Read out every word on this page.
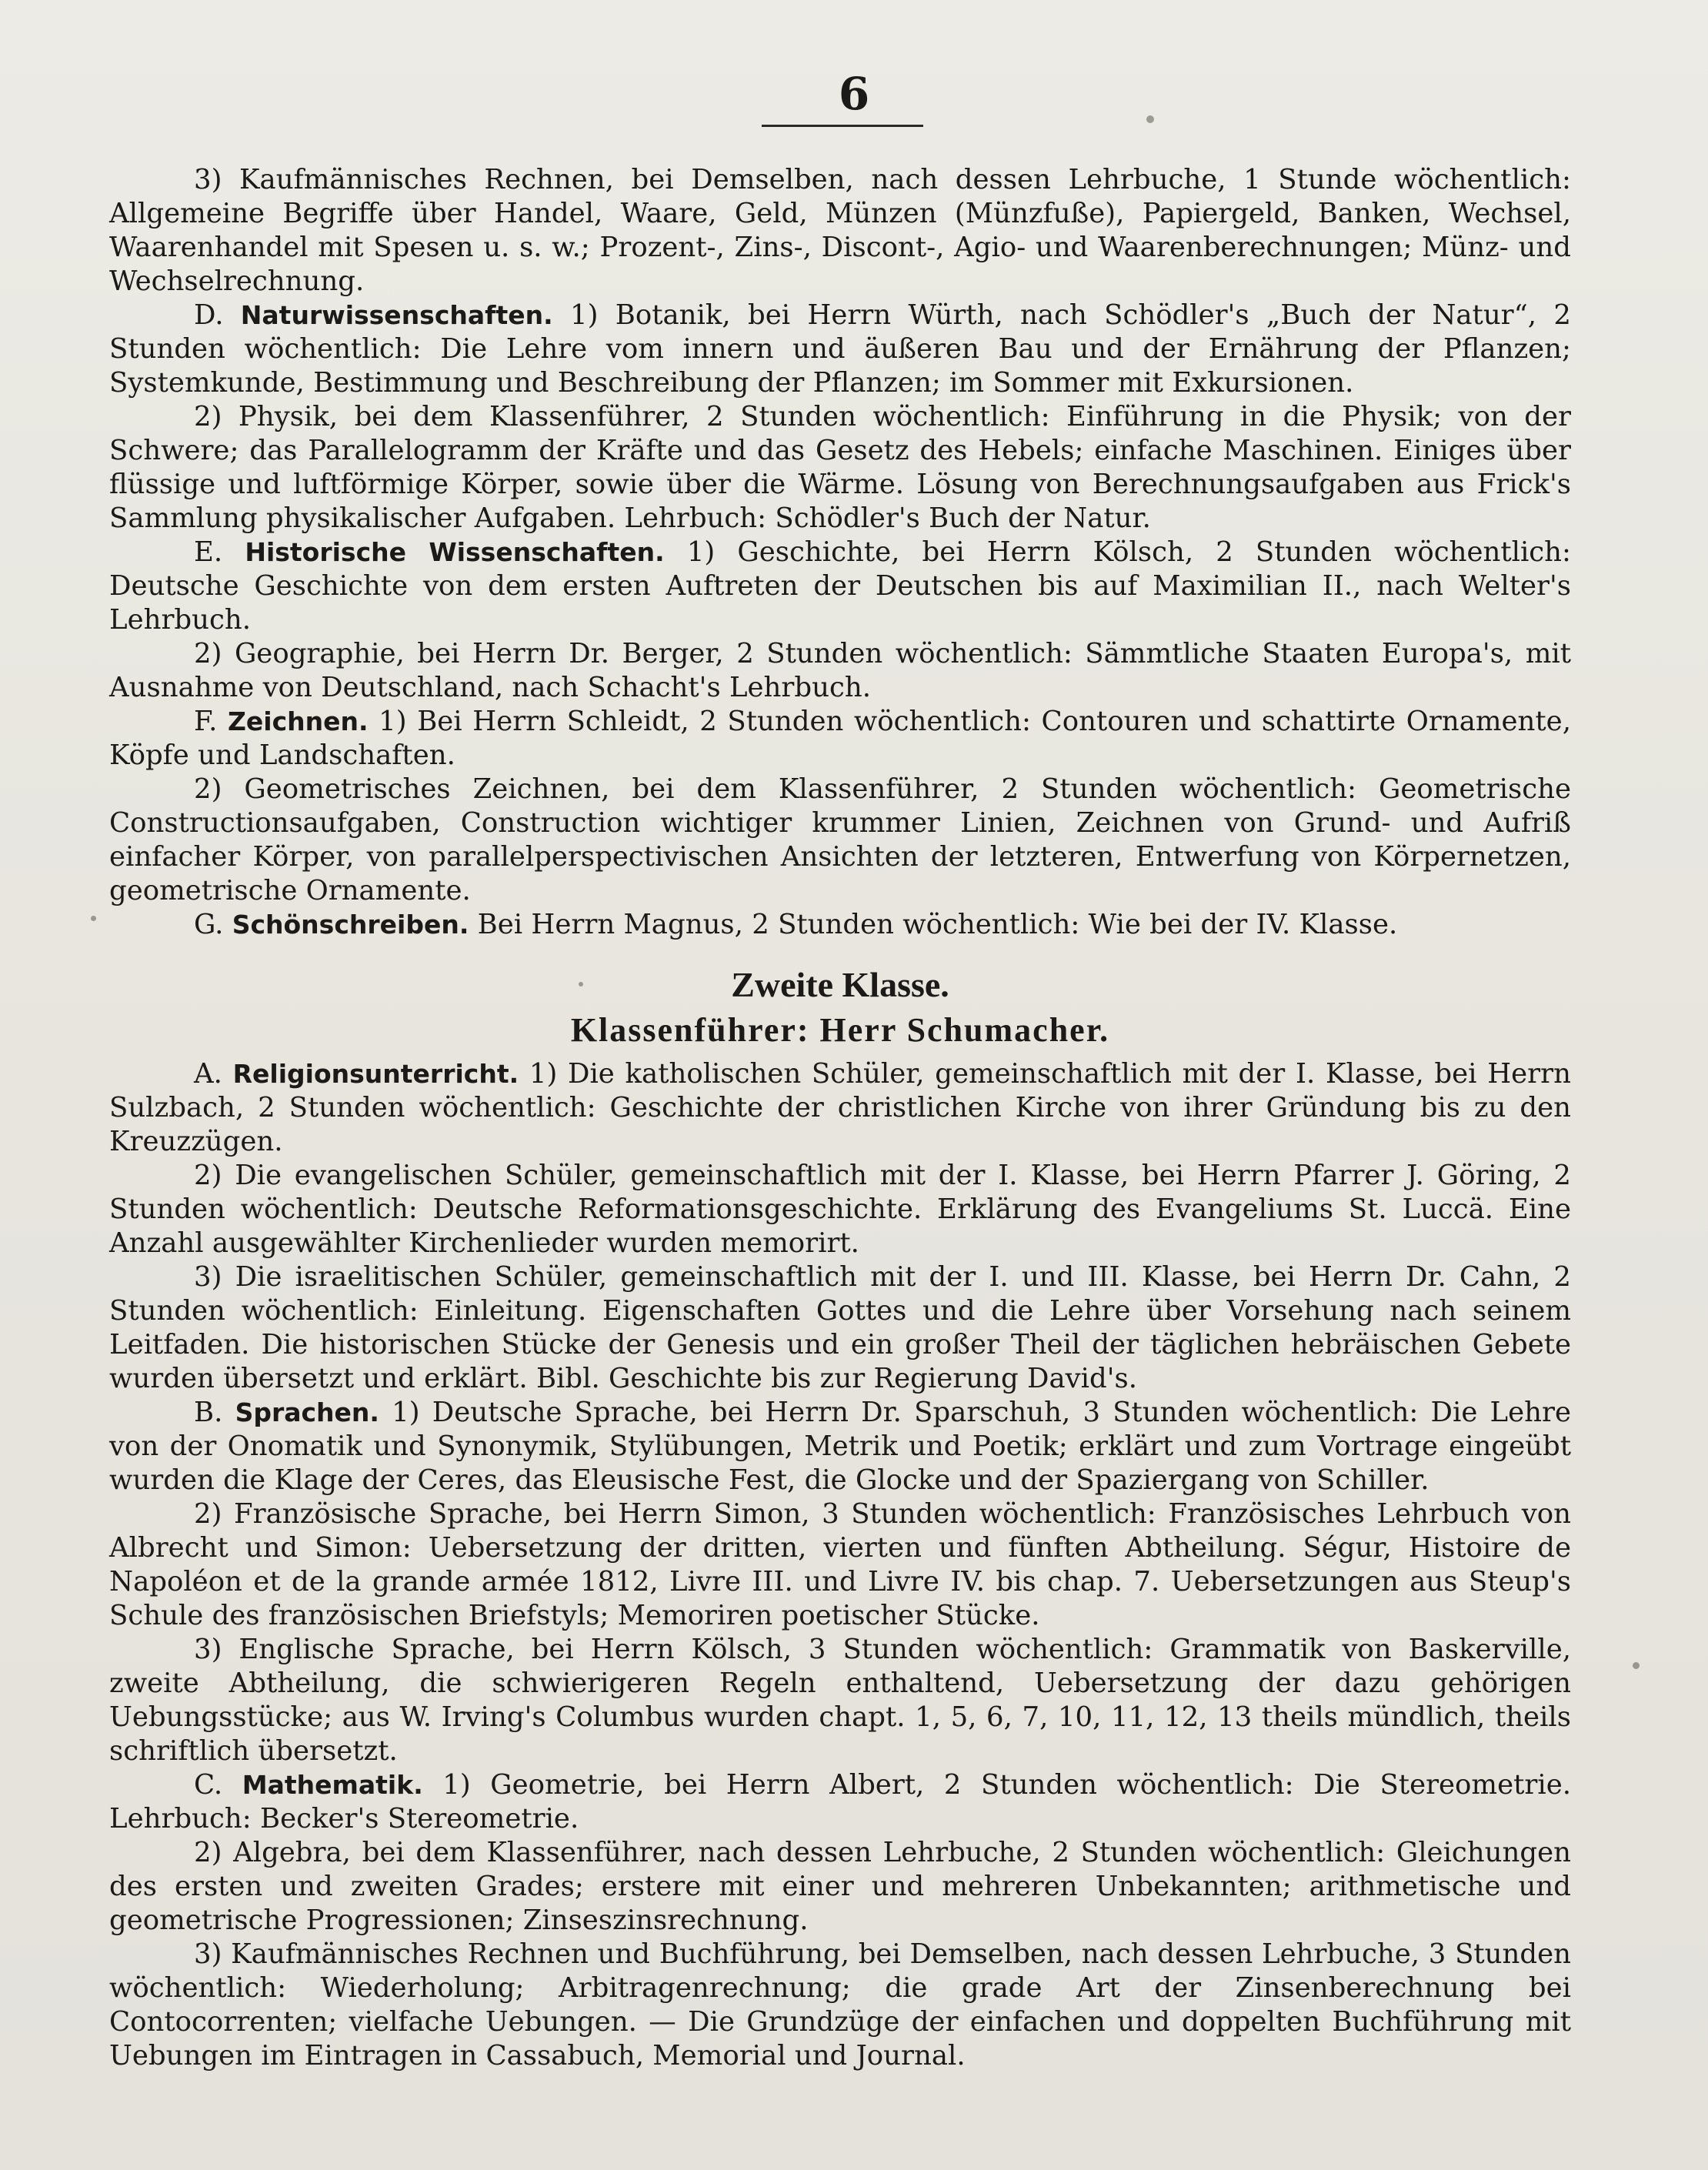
6

3) Kaufmännisches Rechnen, bei Demselben, nach dessen Lehrbuche, 1 Stunde wöchentlich: Allgemeine Begriffe über Handel, Waare, Geld, Münzen (Münzfuße), Papiergeld, Banken, Wechsel, Waarenhandel mit Spesen u. s. w.; Prozent-, Zins-, Discont-, Agio- und Waarenberechnungen; Münz- und Wechselrechnung.

D. Naturwissenschaften. 1) Botanik, bei Herrn Würth, nach Schödler's „Buch der Natur“, 2 Stunden wöchentlich: Die Lehre vom innern und äußeren Bau und der Ernährung der Pflanzen; Systemkunde, Bestimmung und Beschreibung der Pflanzen; im Sommer mit Exkursionen.

2) Physik, bei dem Klassenführer, 2 Stunden wöchentlich: Einführung in die Physik; von der Schwere; das Parallelogramm der Kräfte und das Gesetz des Hebels; einfache Maschinen. Einiges über flüssige und luftförmige Körper, sowie über die Wärme. Lösung von Berechnungsaufgaben aus Frick's Sammlung physikalischer Aufgaben. Lehrbuch: Schödler's Buch der Natur.

E. Historische Wissenschaften. 1) Geschichte, bei Herrn Kölsch, 2 Stunden wöchentlich: Deutsche Geschichte von dem ersten Auftreten der Deutschen bis auf Maximilian II., nach Welter's Lehrbuch.

2) Geographie, bei Herrn Dr. Berger, 2 Stunden wöchentlich: Sämmtliche Staaten Europa's, mit Ausnahme von Deutschland, nach Schacht's Lehrbuch.

F. Zeichnen. 1) Bei Herrn Schleidt, 2 Stunden wöchentlich: Contouren und schattirte Ornamente, Köpfe und Landschaften.

2) Geometrisches Zeichnen, bei dem Klassenführer, 2 Stunden wöchentlich: Geometrische Constructionsaufgaben, Construction wichtiger krummer Linien, Zeichnen von Grund- und Aufriß einfacher Körper, von parallelperspectivischen Ansichten der letzteren, Entwerfung von Körpernetzen, geometrische Ornamente.

G. Schönschreiben. Bei Herrn Magnus, 2 Stunden wöchentlich: Wie bei der IV. Klasse.

Zweite Klasse.
Klassenführer: Herr Schumacher.

A. Religionsunterricht. 1) Die katholischen Schüler, gemeinschaftlich mit der I. Klasse, bei Herrn Sulzbach, 2 Stunden wöchentlich: Geschichte der christlichen Kirche von ihrer Gründung bis zu den Kreuzzügen.

2) Die evangelischen Schüler, gemeinschaftlich mit der I. Klasse, bei Herrn Pfarrer J. Göring, 2 Stunden wöchentlich: Deutsche Reformationsgeschichte. Erklärung des Evangeliums St. Luccä. Eine Anzahl ausgewählter Kirchenlieder wurden memorirt.

3) Die israelitischen Schüler, gemeinschaftlich mit der I. und III. Klasse, bei Herrn Dr. Cahn, 2 Stunden wöchentlich: Einleitung. Eigenschaften Gottes und die Lehre über Vorsehung nach seinem Leitfaden. Die historischen Stücke der Genesis und ein großer Theil der täglichen hebräischen Gebete wurden übersetzt und erklärt. Bibl. Geschichte bis zur Regierung David's.

B. Sprachen. 1) Deutsche Sprache, bei Herrn Dr. Sparschuh, 3 Stunden wöchentlich: Die Lehre von der Onomatik und Synonymik, Stylübungen, Metrik und Poetik; erklärt und zum Vortrage eingeübt wurden die Klage der Ceres, das Eleusische Fest, die Glocke und der Spaziergang von Schiller.

2) Französische Sprache, bei Herrn Simon, 3 Stunden wöchentlich: Französisches Lehrbuch von Albrecht und Simon: Uebersetzung der dritten, vierten und fünften Abtheilung. Ségur, Histoire de Napoléon et de la grande armée 1812, Livre III. und Livre IV. bis chap. 7. Uebersetzungen aus Steup's Schule des französischen Briefstyls; Memoriren poetischer Stücke.

3) Englische Sprache, bei Herrn Kölsch, 3 Stunden wöchentlich: Grammatik von Baskerville, zweite Abtheilung, die schwierigeren Regeln enthaltend, Uebersetzung der dazu gehörigen Uebungsstücke; aus W. Irving's Columbus wurden chapt. 1, 5, 6, 7, 10, 11, 12, 13 theils mündlich, theils schriftlich übersetzt.

C. Mathematik. 1) Geometrie, bei Herrn Albert, 2 Stunden wöchentlich: Die Stereometrie. Lehrbuch: Becker's Stereometrie.

2) Algebra, bei dem Klassenführer, nach dessen Lehrbuche, 2 Stunden wöchentlich: Gleichungen des ersten und zweiten Grades; erstere mit einer und mehreren Unbekannten; arithmetische und geometrische Progressionen; Zinseszinsrechnung.

3) Kaufmännisches Rechnen und Buchführung, bei Demselben, nach dessen Lehrbuche, 3 Stunden wöchentlich: Wiederholung; Arbitragenrechnung; die grade Art der Zinsenberechnung bei Contocorrenten; vielfache Uebungen. — Die Grundzüge der einfachen und doppelten Buchführung mit Uebungen im Eintragen in Cassabuch, Memorial und Journal.
